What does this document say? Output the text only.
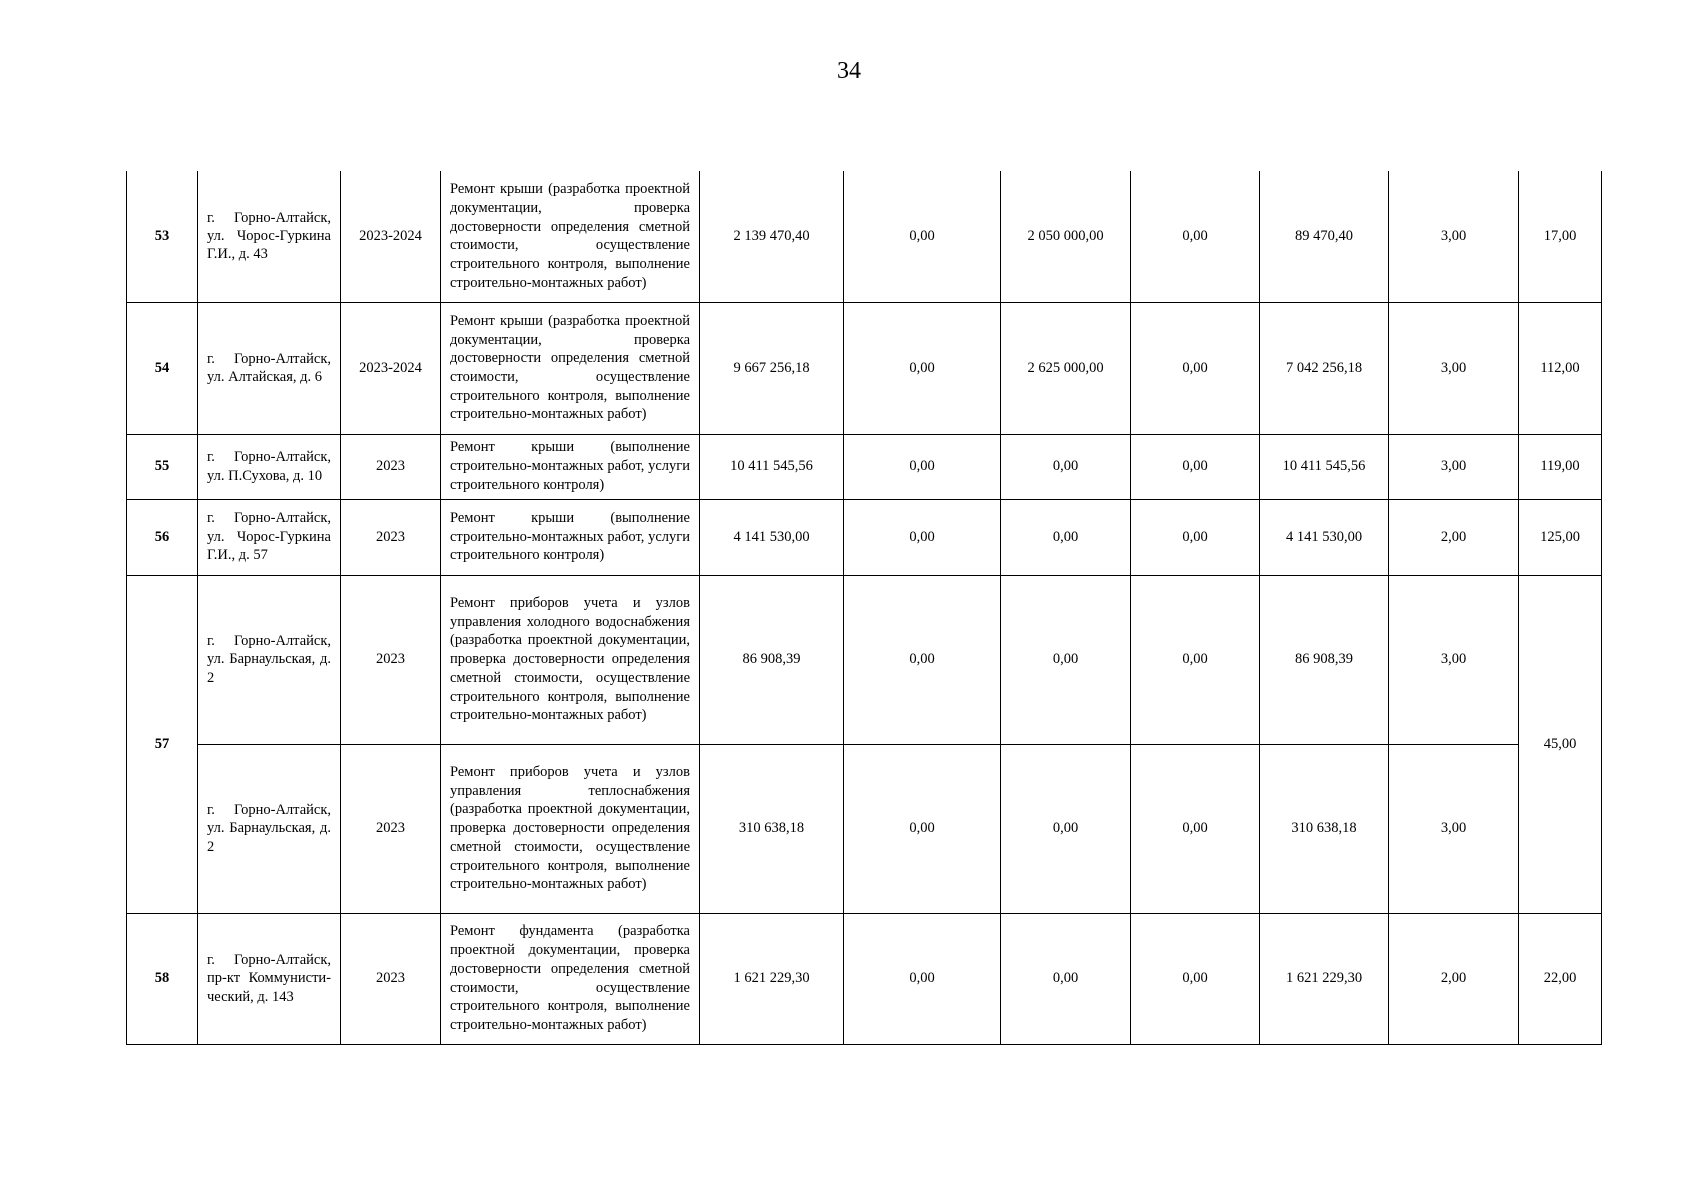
34
53	г. Горно-Алтайск, ул. Чорос-Гуркина Г.И., д. 43	2023-2024	Ремонт крыши (разработка проектной документации, проверка достоверности определения сметной стоимости, осуществление строительного контроля, выполнение строительно-монтажных работ)	2 139 470,40	0,00	2 050 000,00	0,00	89 470,40	3,00	17,00
54	г. Горно-Алтайск, ул. Алтайская, д. 6	2023-2024	Ремонт крыши (разработка проектной документации, проверка достоверности определения сметной стоимости, осуществление строительного контроля, выполнение строительно-монтажных работ)	9 667 256,18	0,00	2 625 000,00	0,00	7 042 256,18	3,00	112,00
55	г. Горно-Алтайск, ул. П.Сухова, д. 10	2023	Ремонт крыши (выполнение строительно-монтажных работ, услуги строительного контроля)	10 411 545,56	0,00	0,00	0,00	10 411 545,56	3,00	119,00
56	г. Горно-Алтайск, ул. Чорос-Гуркина Г.И., д. 57	2023	Ремонт крыши (выполнение строительно-монтажных работ, услуги строительного контроля)	4 141 530,00	0,00	0,00	0,00	4 141 530,00	2,00	125,00
57	г. Горно-Алтайск, ул. Барнаульская, д. 2	2023	Ремонт приборов учета и узлов управления холодного водоснабжения (разработка проектной документации, проверка достоверности определения сметной стоимости, осуществление строительного контроля, выполнение строительно-монтажных работ)	86 908,39	0,00	0,00	0,00	86 908,39	3,00	45,00
	г. Горно-Алтайск, ул. Барнаульская, д. 2	2023	Ремонт приборов учета и узлов управления теплоснабжения (разработка проектной документации, проверка достоверности определения сметной стоимости, осуществление строительного контроля, выполнение строительно-монтажных работ)	310 638,18	0,00	0,00	0,00	310 638,18	3,00	
58	г. Горно-Алтайск, пр-кт Коммунисти-ческий, д. 143	2023	Ремонт фундамента (разработка проектной документации, проверка достоверности определения сметной стоимости, осуществление строительного контроля, выполнение строительно-монтажных работ)	1 621 229,30	0,00	0,00	0,00	1 621 229,30	2,00	22,00
